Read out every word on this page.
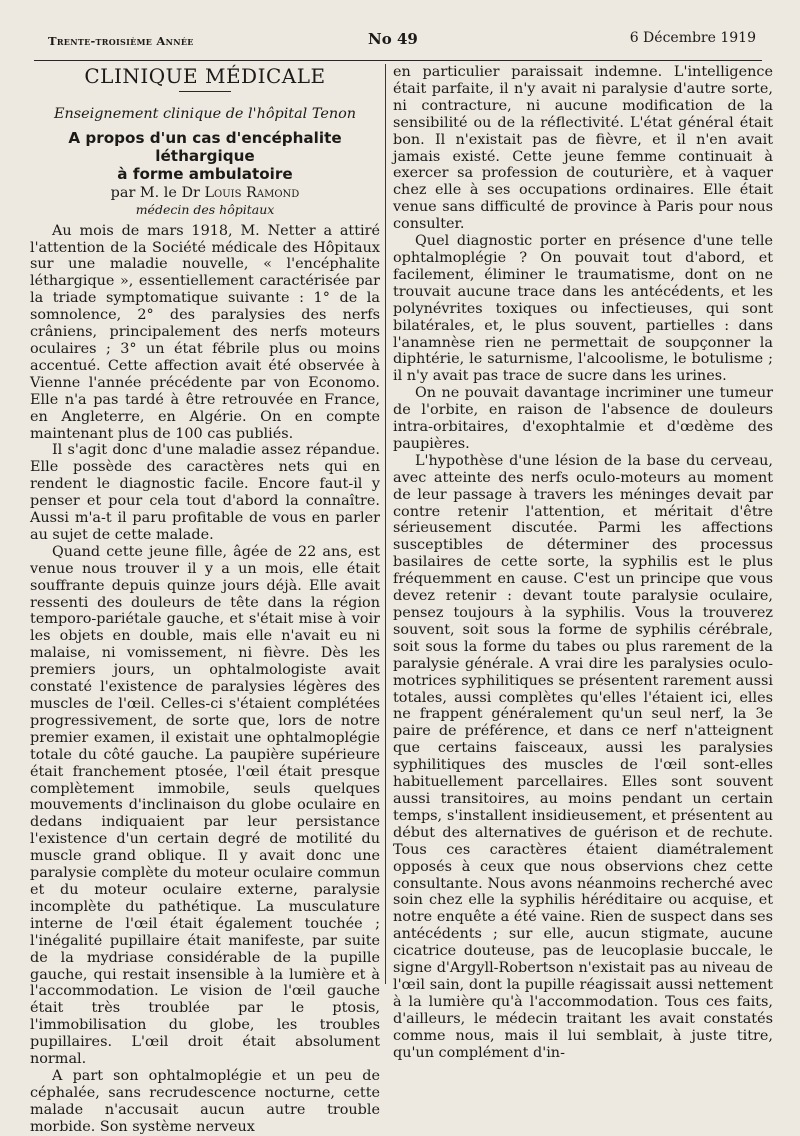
Trente-troisième Année	No 49	6 Décembre 1919
CLINIQUE MÉDICALE
Enseignement clinique de l'hôpital Tenon
A propos d'un cas d'encéphalite léthargique
à forme ambulatoire
par M. le Dr Louis Ramond
médecin des hôpitaux

Au mois de mars 1918, M. Netter a attiré l'attention de la Société médicale des Hôpitaux sur une maladie nouvelle, « l'encéphalite léthargique », essentiellement caractérisée par la triade symptomatique suivante : 1° de la somnolence, 2° des paralysies des nerfs crâniens, principalement des nerfs moteurs oculaires ; 3° un état fébrile plus ou moins accentué. Cette affection avait été observée à Vienne l'année précédente par von Economo. Elle n'a pas tardé à être retrouvée en France, en Angleterre, en Algérie. On en compte maintenant plus de 100 cas publiés.

Il s'agit donc d'une maladie assez répandue. Elle possède des caractères nets qui en rendent le diagnostic facile. Encore faut-il y penser et pour cela tout d'abord la connaître. Aussi m'a-t il paru profitable de vous en parler au sujet de cette malade.

Quand cette jeune fille, âgée de 22 ans, est venue nous trouver il y a un mois, elle était souffrante depuis quinze jours déjà. Elle avait ressenti des douleurs de tête dans la région temporo-pariétale gauche, et s'était mise à voir les objets en double, mais elle n'avait eu ni malaise, ni vomissement, ni fièvre. Dès les premiers jours, un ophtalmologiste avait constaté l'existence de paralysies légères des muscles de l'œil. Celles-ci s'étaient complétées progressivement, de sorte que, lors de notre premier examen, il existait une ophtalmoplégie totale du côté gauche. La paupière supérieure était franchement ptosée, l'œil était presque complètement immobile, seuls quelques mouvements d'inclinaison du globe oculaire en dedans indiquaient par leur persistance l'existence d'un certain degré de motilité du muscle grand oblique. Il y avait donc une paralysie complète du moteur oculaire commun et du moteur oculaire externe, paralysie incomplète du pathétique. La musculature interne de l'œil était également touchée ; l'inégalité pupillaire était manifeste, par suite de la mydriase considérable de la pupille gauche, qui restait insensible à la lumière et à l'accommodation. Le vision de l'œil gauche était très troublée par le ptosis, l'immobilisation du globe, les troubles pupillaires. L'œil droit était absolument normal.

A part son ophtalmoplégie et un peu de céphalée, sans recrudescence nocturne, cette malade n'accusait aucun autre trouble morbide. Son système nerveux

en particulier paraissait indemne. L'intelligence était parfaite, il n'y avait ni paralysie d'autre sorte, ni contracture, ni aucune modification de la sensibilité ou de la réflectivité. L'état général était bon. Il n'existait pas de fièvre, et il n'en avait jamais existé. Cette jeune femme continuait à exercer sa profession de couturière, et à vaquer chez elle à ses occupations ordinaires. Elle était venue sans difficulté de province à Paris pour nous consulter.

Quel diagnostic porter en présence d'une telle ophtalmoplégie ? On pouvait tout d'abord, et facilement, éliminer le traumatisme, dont on ne trouvait aucune trace dans les antécédents, et les polynévrites toxiques ou infectieuses, qui sont bilatérales, et, le plus souvent, partielles : dans l'anamnèse rien ne permettait de soupçonner la diphtérie, le saturnisme, l'alcoolisme, le botulisme ; il n'y avait pas trace de sucre dans les urines.

On ne pouvait davantage incriminer une tumeur de l'orbite, en raison de l'absence de douleurs intra-orbitaires, d'exophtalmie et d'œdème des paupières.

L'hypothèse d'une lésion de la base du cerveau, avec atteinte des nerfs oculo-moteurs au moment de leur passage à travers les méninges devait par contre retenir l'attention, et méritait d'être sérieusement discutée. Parmi les affections susceptibles de déterminer des processus basilaires de cette sorte, la syphilis est le plus fréquemment en cause. C'est un principe que vous devez retenir : devant toute paralysie oculaire, pensez toujours à la syphilis. Vous la trouverez souvent, soit sous la forme de syphilis cérébrale, soit sous la forme du tabes ou plus rarement de la paralysie générale. A vrai dire les paralysies oculo-motrices syphilitiques se présentent rarement aussi totales, aussi complètes qu'elles l'étaient ici, elles ne frappent généralement qu'un seul nerf, la 3e paire de préférence, et dans ce nerf n'atteignent que certains faisceaux, aussi les paralysies syphilitiques des muscles de l'œil sont-elles habituellement parcellaires. Elles sont souvent aussi transitoires, au moins pendant un certain temps, s'installent insidieusement, et présentent au début des alternatives de guérison et de rechute. Tous ces caractères étaient diamétralement opposés à ceux que nous observions chez cette consultante. Nous avons néanmoins recherché avec soin chez elle la syphilis héréditaire ou acquise, et notre enquête a été vaine. Rien de suspect dans ses antécédents ; sur elle, aucun stigmate, aucune cicatrice douteuse, pas de leucoplasie buccale, le signe d'Argyll-Robertson n'existait pas au niveau de l'œil sain, dont la pupille réagissait aussi nettement à la lumière qu'à l'accommodation. Tous ces faits, d'ailleurs, le médecin traitant les avait constatés comme nous, mais il lui semblait, à juste titre, qu'un complément d'in-
